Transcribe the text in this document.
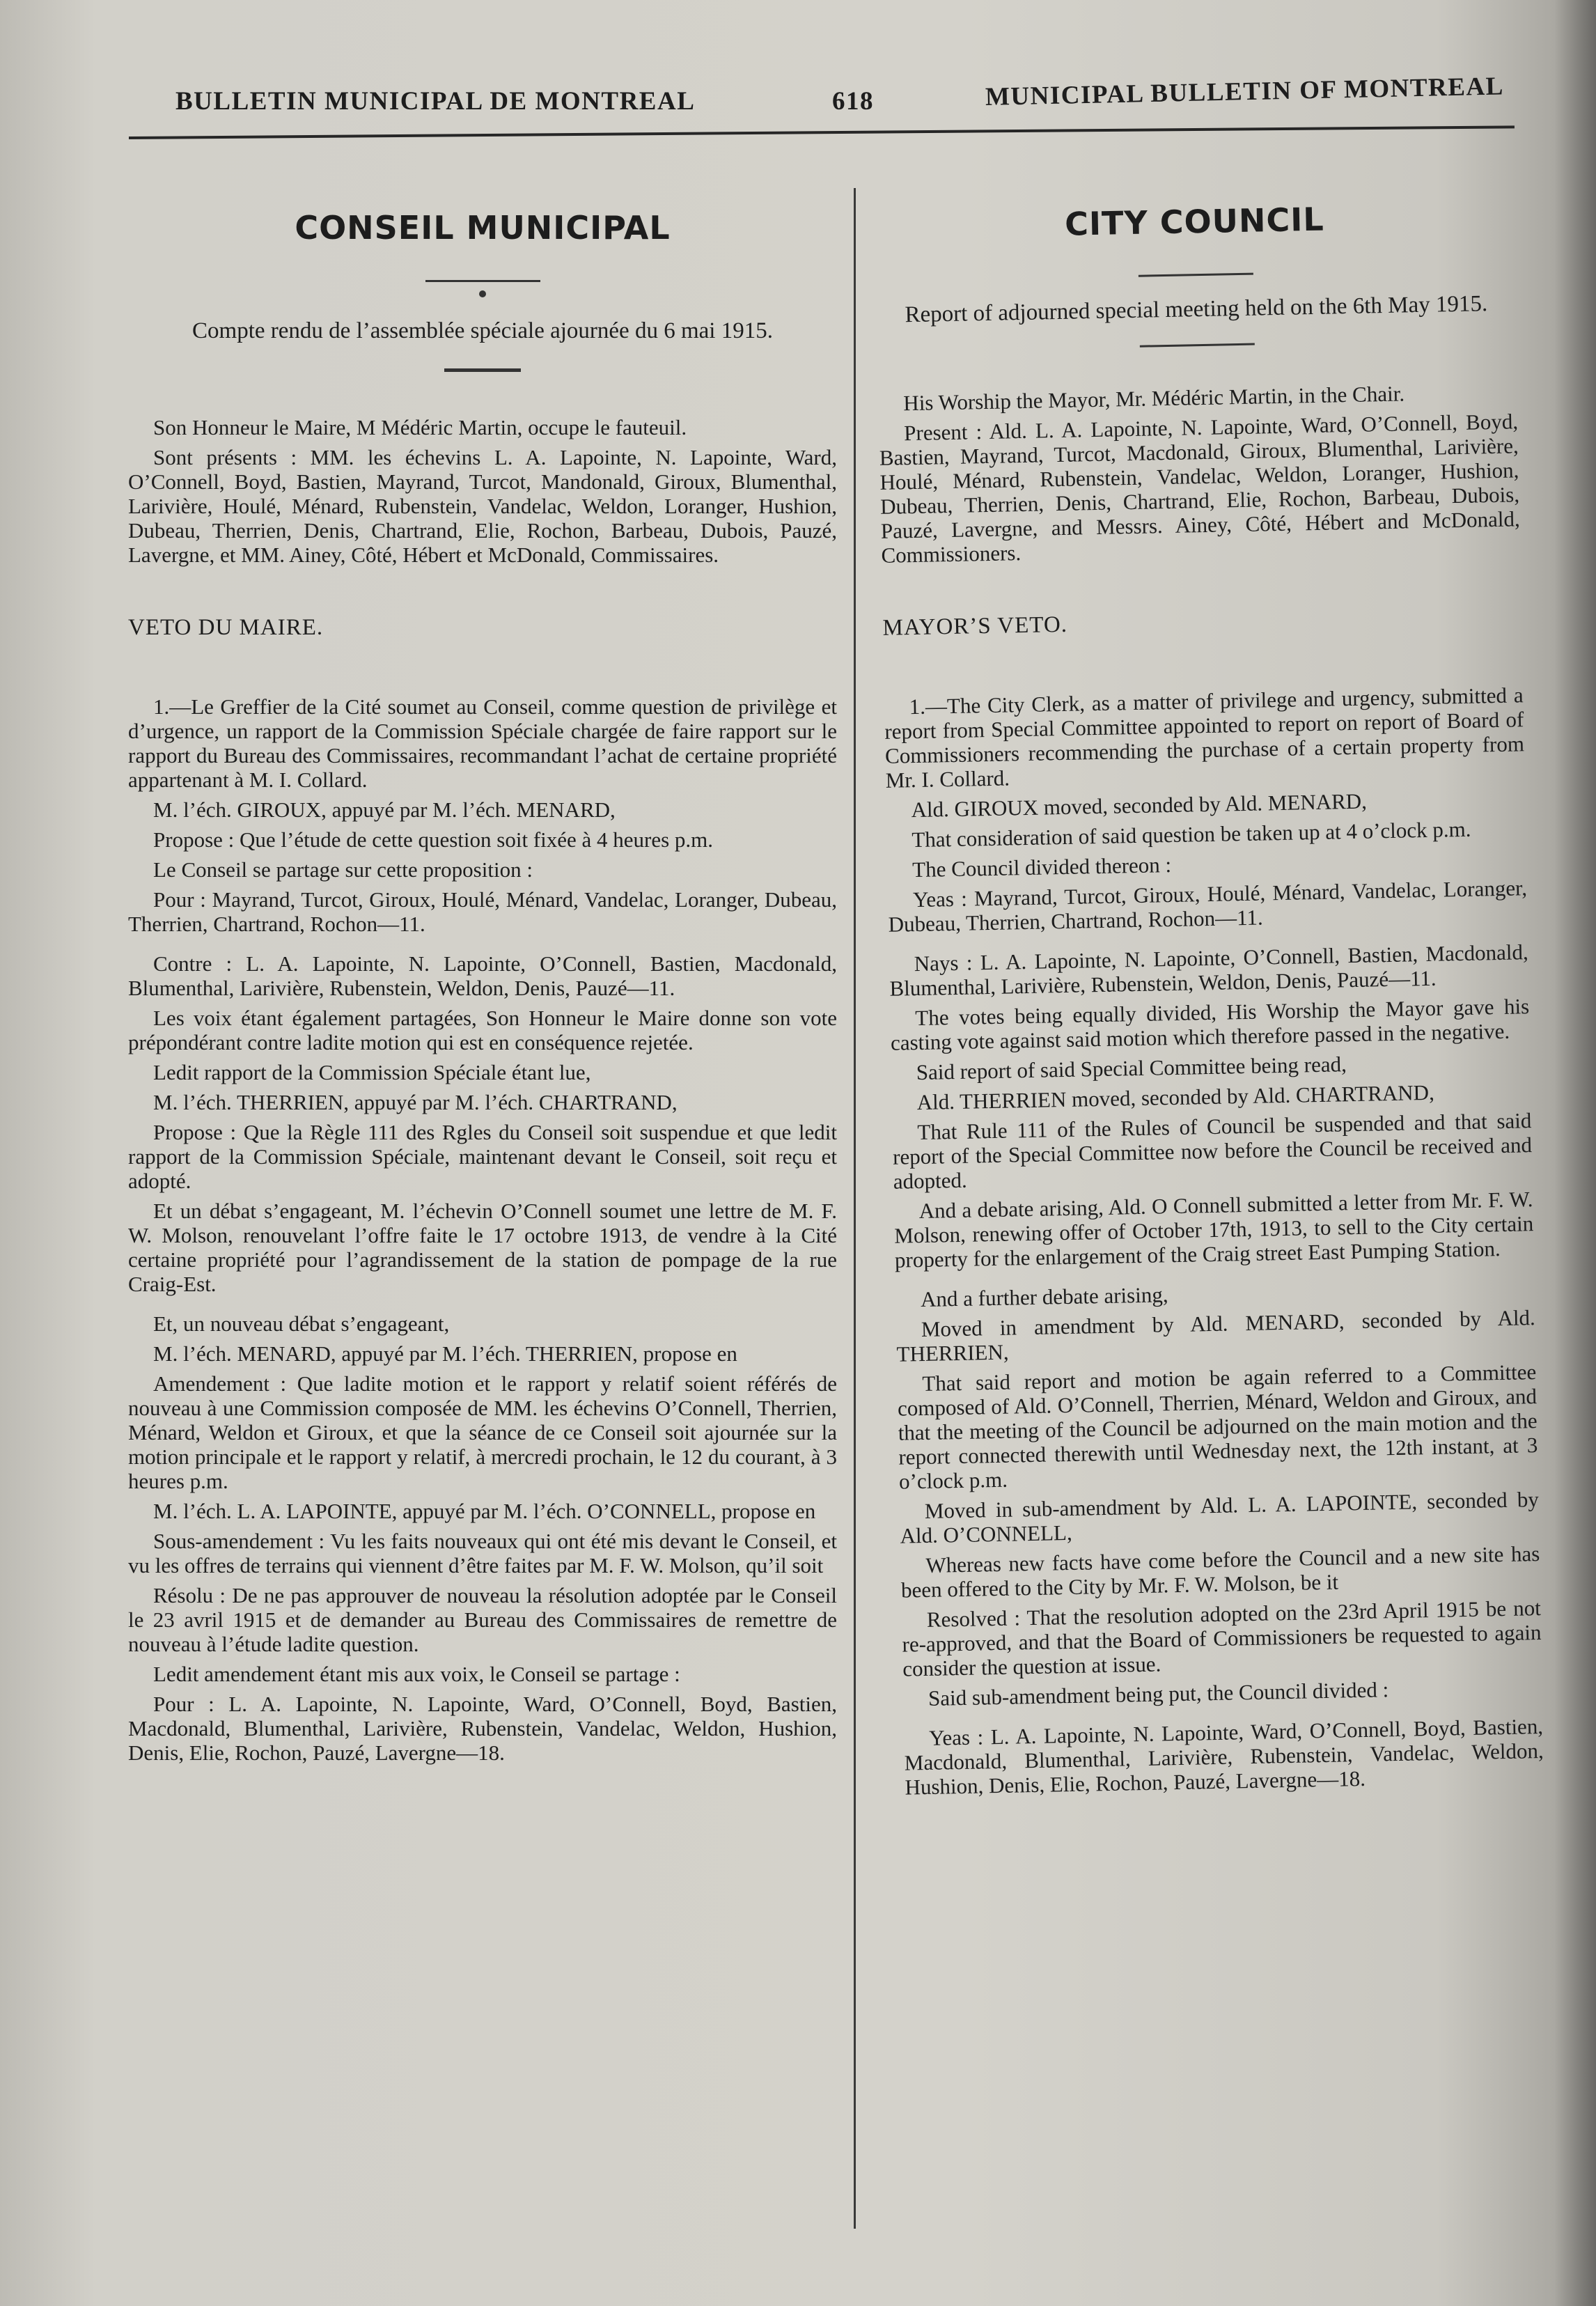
BULLETIN MUNICIPAL DE MONTREAL	618	MUNICIPAL BULLETIN OF MONTREAL
CONSEIL MUNICIPAL
Compte rendu de l’assemblée spéciale ajournée du 6 mai 1915.

Son Honneur le Maire, M Médéric Martin, occupe le fauteuil.

Sont présents : MM. les échevins L. A. Lapointe, N. Lapointe, Ward, O’Connell, Boyd, Bastien, Mayrand, Turcot, Mandonald, Giroux, Blumenthal, Larivière, Houlé, Ménard, Rubenstein, Vandelac, Weldon, Loranger, Hushion, Dubeau, Therrien, Denis, Chartrand, Elie, Rochon, Barbeau, Dubois, Pauzé, Lavergne, et MM. Ainey, Côté, Hébert et McDonald, Commissaires.

VETO DU MAIRE.

1.—Le Greffier de la Cité soumet au Conseil, comme question de privilège et d’urgence, un rapport de la Commission Spéciale chargée de faire rapport sur le rapport du Bureau des Commissaires, recommandant l’achat de certaine propriété appartenant à M. I. Collard.

M. l’éch. GIROUX, appuyé par M. l’éch. MENARD,

Propose : Que l’étude de cette question soit fixée à 4 heures p.m.

Le Conseil se partage sur cette proposition :

Pour : Mayrand, Turcot, Giroux, Houlé, Ménard, Vandelac, Loranger, Dubeau, Therrien, Chartrand, Rochon—11.

Contre : L. A. Lapointe, N. Lapointe, O’Connell, Bastien, Macdonald, Blumenthal, Larivière, Rubenstein, Weldon, Denis, Pauzé—11.

Les voix étant également partagées, Son Honneur le Maire donne son vote prépondérant contre ladite motion qui est en conséquence rejetée.

Ledit rapport de la Commission Spéciale étant lue,

M. l’éch. THERRIEN, appuyé par M. l’éch. CHARTRAND,

Propose : Que la Règle 111 des Rgles du Conseil soit suspendue et que ledit rapport de la Commission Spéciale, maintenant devant le Conseil, soit reçu et adopté.

Et un débat s’engageant, M. l’échevin O’Connell soumet une lettre de M. F. W. Molson, renouvelant l’offre faite le 17 octobre 1913, de vendre à la Cité certaine propriété pour l’agrandissement de la station de pompage de la rue Craig-Est.

Et, un nouveau débat s’engageant,

M. l’éch. MENARD, appuyé par M. l’éch. THERRIEN, propose en

Amendement : Que ladite motion et le rapport y relatif soient référés de nouveau à une Commission composée de MM. les échevins O’Connell, Therrien, Ménard, Weldon et Giroux, et que la séance de ce Conseil soit ajournée sur la motion principale et le rapport y relatif, à mercredi prochain, le 12 du courant, à 3 heures p.m.

M. l’éch. L. A. LAPOINTE, appuyé par M. l’éch. O’CONNELL, propose en

Sous-amendement : Vu les faits nouveaux qui ont été mis devant le Conseil, et vu les offres de terrains qui viennent d’être faites par M. F. W. Molson, qu’il soit

Résolu : De ne pas approuver de nouveau la résolution adoptée par le Conseil le 23 avril 1915 et de demander au Bureau des Commissaires de remettre de nouveau à l’étude ladite question.

Ledit amendement étant mis aux voix, le Conseil se partage :

Pour : L. A. Lapointe, N. Lapointe, Ward, O’Connell, Boyd, Bastien, Macdonald, Blumenthal, Larivière, Rubenstein, Vandelac, Weldon, Hushion, Denis, Elie, Rochon, Pauzé, Lavergne—18.

CITY COUNCIL
Report of adjourned special meeting held on the 6th May 1915.

His Worship the Mayor, Mr. Médéric Martin, in the Chair.

Present : Ald. L. A. Lapointe, N. Lapointe, Ward, O’Connell, Boyd, Bastien, Mayrand, Turcot, Macdonald, Giroux, Blumenthal, Larivière, Houlé, Ménard, Rubenstein, Vandelac, Weldon, Loranger, Hushion, Dubeau, Therrien, Denis, Chartrand, Elie, Rochon, Barbeau, Dubois, Pauzé, Lavergne, and Messrs. Ainey, Côté, Hébert and McDonald, Commissioners.

MAYOR’S VETO.

1.—The City Clerk, as a matter of privilege and urgency, submitted a report from Special Committee appointed to report on report of Board of Commissioners recommending the purchase of a certain property from Mr. I. Collard.

Ald. GIROUX moved, seconded by Ald. MENARD,

That consideration of said question be taken up at 4 o’clock p.m.

The Council divided thereon :

Yeas : Mayrand, Turcot, Giroux, Houlé, Ménard, Vandelac, Loranger, Dubeau, Therrien, Chartrand, Rochon—11.

Nays : L. A. Lapointe, N. Lapointe, O’Connell, Bastien, Macdonald, Blumenthal, Larivière, Rubenstein, Weldon, Denis, Pauzé—11.

The votes being equally divided, His Worship the Mayor gave his casting vote against said motion which therefore passed in the negative.

Said report of said Special Committee being read,

Ald. THERRIEN moved, seconded by Ald. CHARTRAND,

That Rule 111 of the Rules of Council be suspended and that said report of the Special Committee now before the Council be received and adopted.

And a debate arising, Ald. O Connell submitted a letter from Mr. F. W. Molson, renewing offer of October 17th, 1913, to sell to the City certain property for the enlargement of the Craig street East Pumping Station.

And a further debate arising,

Moved in amendment by Ald. MENARD, seconded by Ald. THERRIEN,

That said report and motion be again referred to a Committee composed of Ald. O’Connell, Therrien, Ménard, Weldon and Giroux, and that the meeting of the Council be adjourned on the main motion and the report connected therewith until Wednesday next, the 12th instant, at 3 o’clock p.m.

Moved in sub-amendment by Ald. L. A. LAPOINTE, seconded by Ald. O’CONNELL,

Whereas new facts have come before the Council and a new site has been offered to the City by Mr. F. W. Molson, be it

Resolved : That the resolution adopted on the 23rd April 1915 be not re-approved, and that the Board of Commissioners be requested to again consider the question at issue.

Said sub-amendment being put, the Council divided :

Yeas : L. A. Lapointe, N. Lapointe, Ward, O’Connell, Boyd, Bastien, Macdonald, Blumenthal, Larivière, Rubenstein, Vandelac, Weldon, Hushion, Denis, Elie, Rochon, Pauzé, Lavergne—18.
